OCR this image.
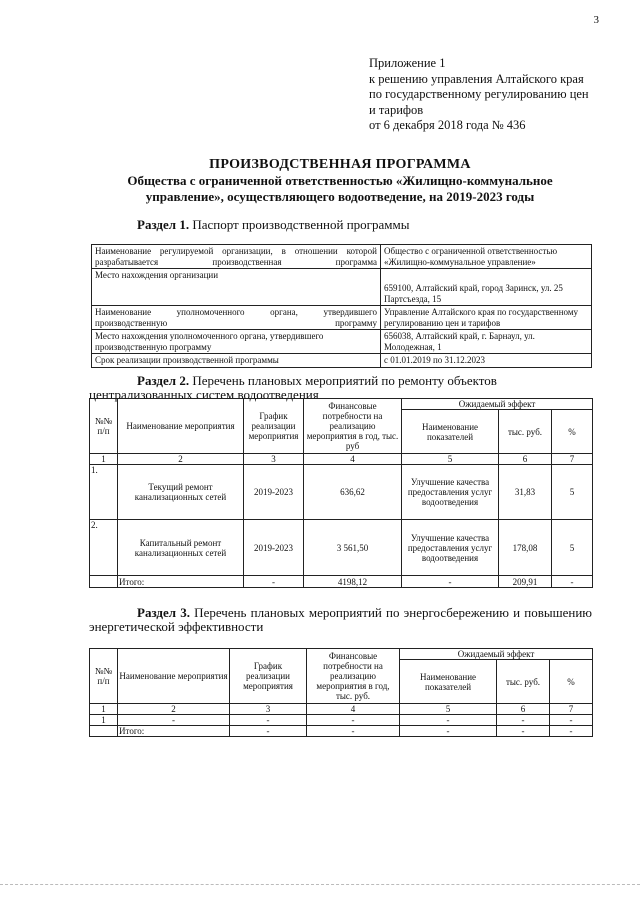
3
Приложение 1
к решению управления Алтайского края
по государственному регулированию цен
и тарифов
от 6 декабря 2018 года № 436
ПРОИЗВОДСТВЕННАЯ ПРОГРАММА
Общества с ограниченной ответственностью «Жилищно-коммунальное
управление», осуществляющего водоотведение, на 2019-2023 годы
Раздел 1. Паспорт производственной программы
Наименование регулируемой организации, в отношении которой разрабатывается производственная программа	Общество с ограниченной ответственностью «Жилищно-коммунальное управление»
Место нахождения организации	659100, Алтайский край, город Заринск, ул. 25 Партсъезда, 15
Наименование уполномоченного органа, утвердившего производственную программу	Управление Алтайского края по государственному регулированию цен и тарифов
Место нахождения уполномоченного органа, утвердившего производственную программу	656038, Алтайский край, г. Барнаул, ул. Молодежная, 1
Срок реализации производственной программы	с 01.01.2019 по 31.12.2023
Раздел 2. Перечень плановых мероприятий по ремонту объектов централизованных систем водоотведения
№№ п/п	Наименование мероприятия	График реализации мероприятия	Финансовые потребности на реализацию мероприятия в год, тыс. руб	Ожидаемый эффект		
				Наименование показателей	тыс. руб.	%
1	2	3	4	5	6	7
1.	Текущий ремонт канализационных сетей	2019-2023	636,62	Улучшение качества предоставления услуг водоотведения	31,83	5
2.	Капитальный ремонт канализационных сетей	2019-2023	3 561,50	Улучшение качества предоставления услуг водоотведения	178,08	5
	Итого:	-	4198,12	-	209,91	-
Раздел 3. Перечень плановых мероприятий по энергосбережению и повышению энергетической эффективности
№№ п/п	Наименование мероприятия	График реализации мероприятия	Финансовые потребности на реализацию мероприятия в год, тыс. руб.	Ожидаемый эффект		
				Наименование показателей	тыс. руб.	%
1	2	3	4	5	6	7
1	-	-	-	-	-	-
	Итого:	-	-	-	-	-
